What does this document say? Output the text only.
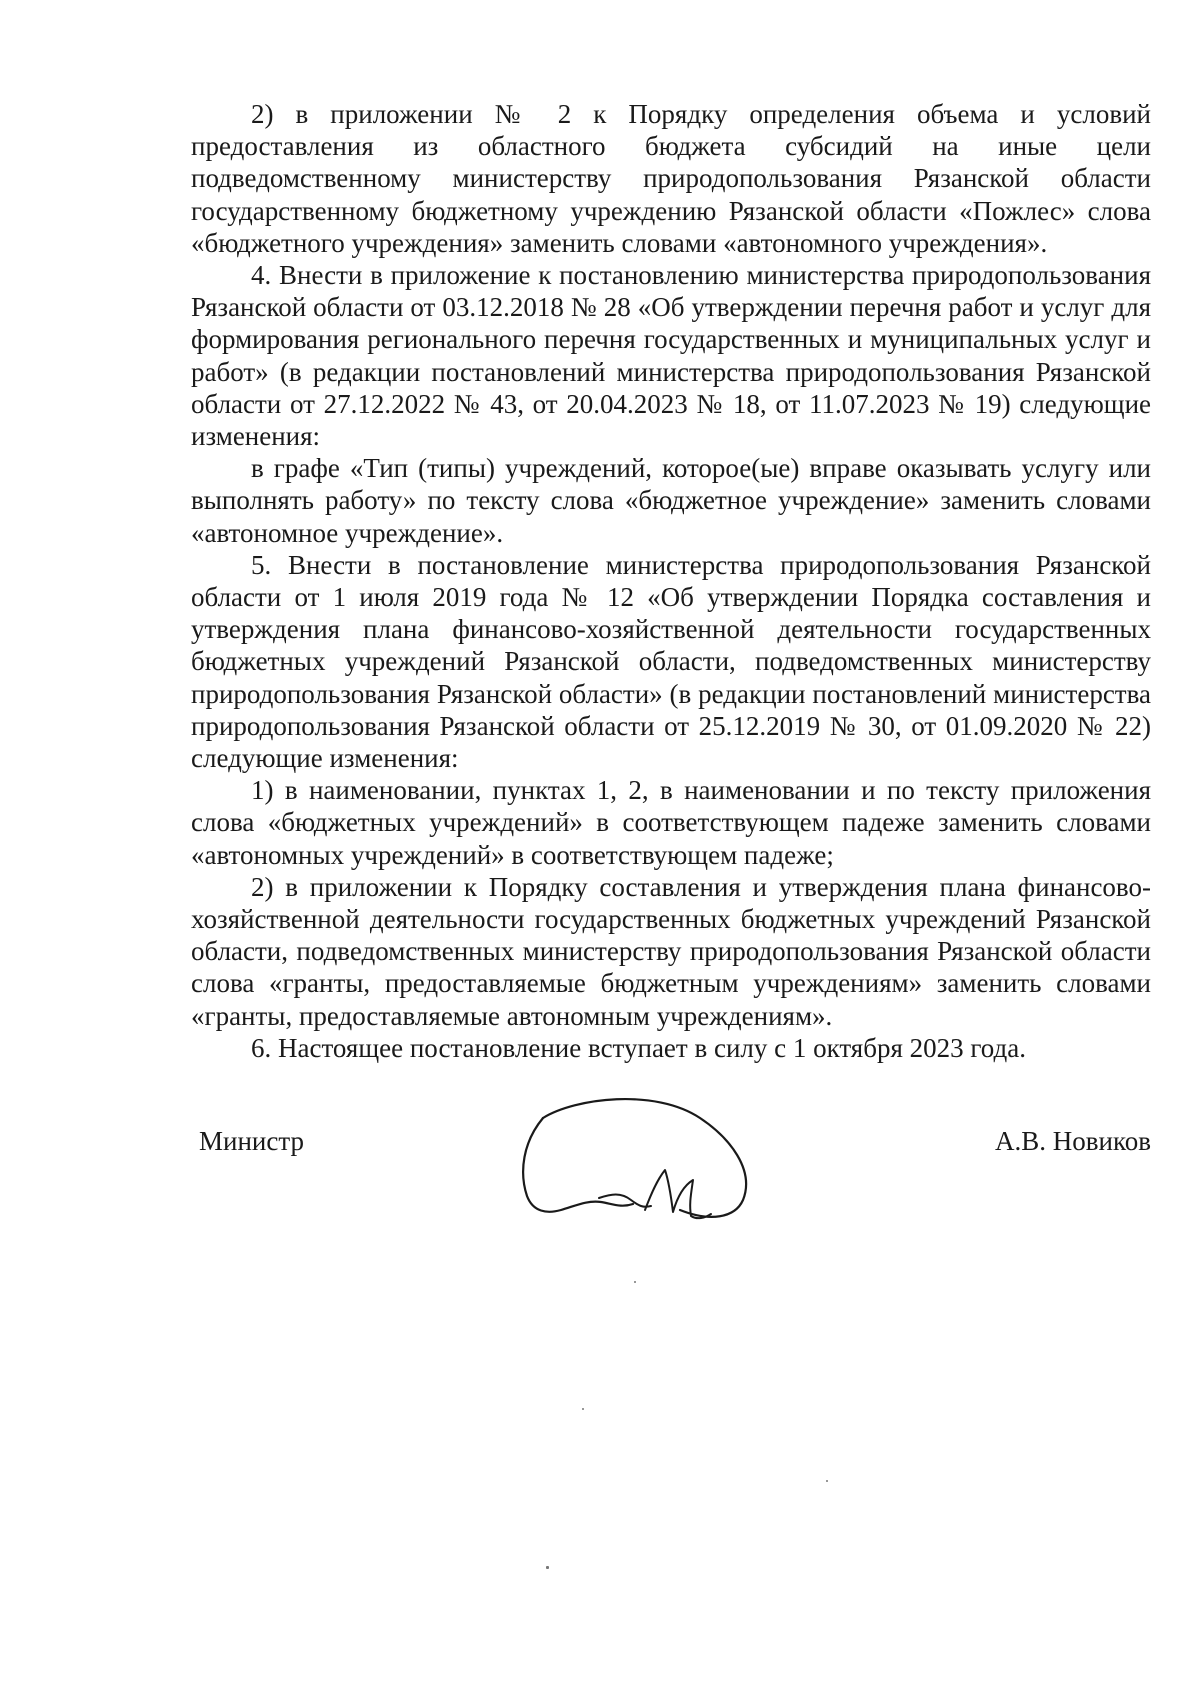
2) в приложении № 2 к Порядку определения объема и условий предоставления из областного бюджета субсидий на иные цели подведомственному министерству природопользования Рязанской области государственному бюджетному учреждению Рязанской области «Пожлес» слова «бюджетного учреждения» заменить словами «автономного учреждения».

4. Внести в приложение к постановлению министерства природопользования Рязанской области от 03.12.2018 № 28 «Об утверждении перечня работ и услуг для формирования регионального перечня государственных и муниципальных услуг и работ» (в редакции постановлений министерства природопользования Рязанской области от 27.12.2022 № 43, от 20.04.2023 № 18, от 11.07.2023 № 19) следующие изменения:

в графе «Тип (типы) учреждений, которое(ые) вправе оказывать услугу или выполнять работу» по тексту слова «бюджетное учреждение» заменить словами «автономное учреждение».

5. Внести в постановление министерства природопользования Рязанской области от 1 июля 2019 года № 12 «Об утверждении Порядка составления и утверждения плана финансово-хозяйственной деятельности государственных бюджетных учреждений Рязанской области, подведомственных министерству природопользования Рязанской области» (в редакции постановлений министерства природопользования Рязанской области от 25.12.2019 № 30, от 01.09.2020 № 22) следующие изменения:

1) в наименовании, пунктах 1, 2, в наименовании и по тексту приложения слова «бюджетных учреждений» в соответствующем падеже заменить словами «автономных учреждений» в соответствующем падеже;

2) в приложении к Порядку составления и утверждения плана финансово-хозяйственной деятельности государственных бюджетных учреждений Рязанской области, подведомственных министерству природопользования Рязанской области слова «гранты, предоставляемые бюджетным учреждениям» заменить словами «гранты, предоставляемые автономным учреждениям».

6. Настоящее постановление вступает в силу с 1 октября 2023 года.

Министр	А.В. Новиков
